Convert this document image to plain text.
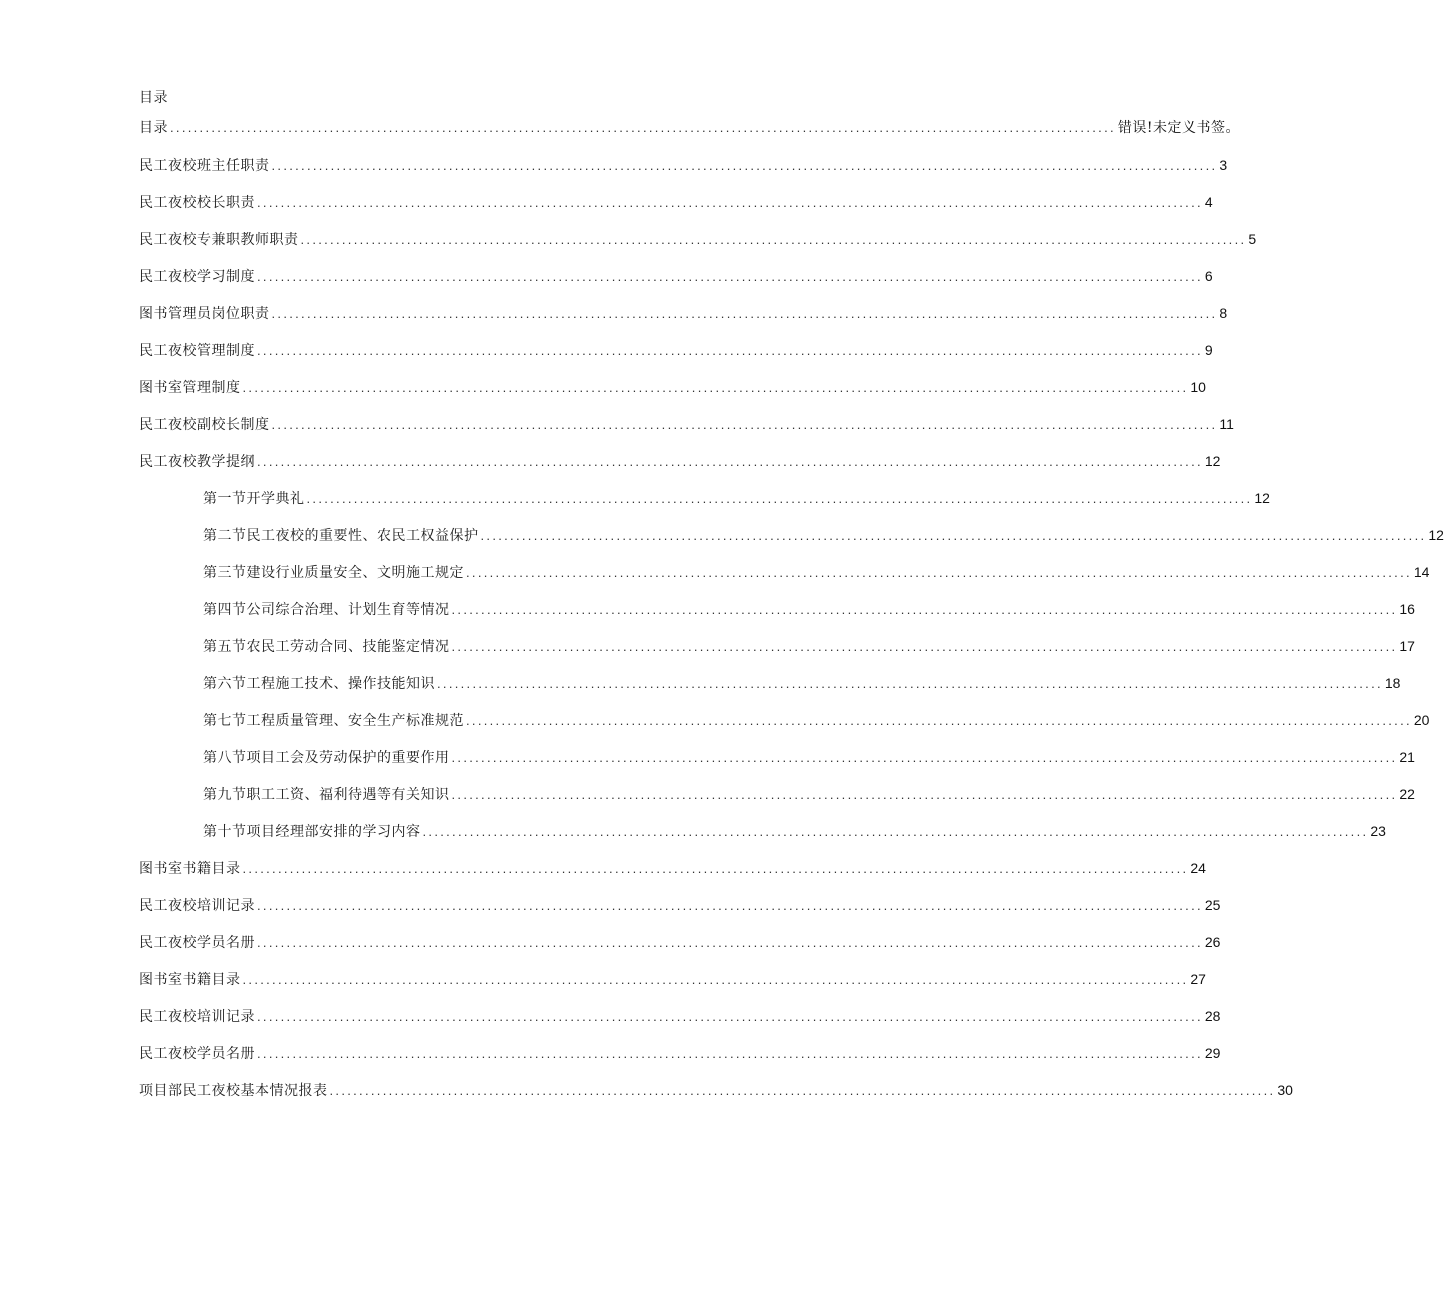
目录
目录 ................................................................................................................................................................ 错误!未定义书签。
民工夜校班主任职责 ................................................................................................................................................................ 3
民工夜校校长职责 ................................................................................................................................................................ 4
民工夜校专兼职教师职责 ................................................................................................................................................................ 5
民工夜校学习制度 ................................................................................................................................................................ 6
图书管理员岗位职责 ................................................................................................................................................................ 8
民工夜校管理制度 ................................................................................................................................................................ 9
图书室管理制度 ................................................................................................................................................................ 10
民工夜校副校长制度 ................................................................................................................................................................ 11
民工夜校教学提纲 ................................................................................................................................................................ 12
第一节开学典礼 ................................................................................................................................................................ 12
第二节民工夜校的重要性、农民工权益保护 ................................................................................................................................................................ 12
第三节建设行业质量安全、文明施工规定 ................................................................................................................................................................ 14
第四节公司综合治理、计划生育等情况 ................................................................................................................................................................ 16
第五节农民工劳动合同、技能鉴定情况 ................................................................................................................................................................ 17
第六节工程施工技术、操作技能知识 ................................................................................................................................................................ 18
第七节工程质量管理、安全生产标准规范 ................................................................................................................................................................ 20
第八节项目工会及劳动保护的重要作用 ................................................................................................................................................................ 21
第九节职工工资、福利待遇等有关知识 ................................................................................................................................................................ 22
第十节项目经理部安排的学习内容 ................................................................................................................................................................ 23
图书室书籍目录 ................................................................................................................................................................ 24
民工夜校培训记录 ................................................................................................................................................................ 25
民工夜校学员名册 ................................................................................................................................................................ 26
图书室书籍目录 ................................................................................................................................................................ 27
民工夜校培训记录 ................................................................................................................................................................ 28
民工夜校学员名册 ................................................................................................................................................................ 29
项目部民工夜校基本情况报表 ................................................................................................................................................................ 30
